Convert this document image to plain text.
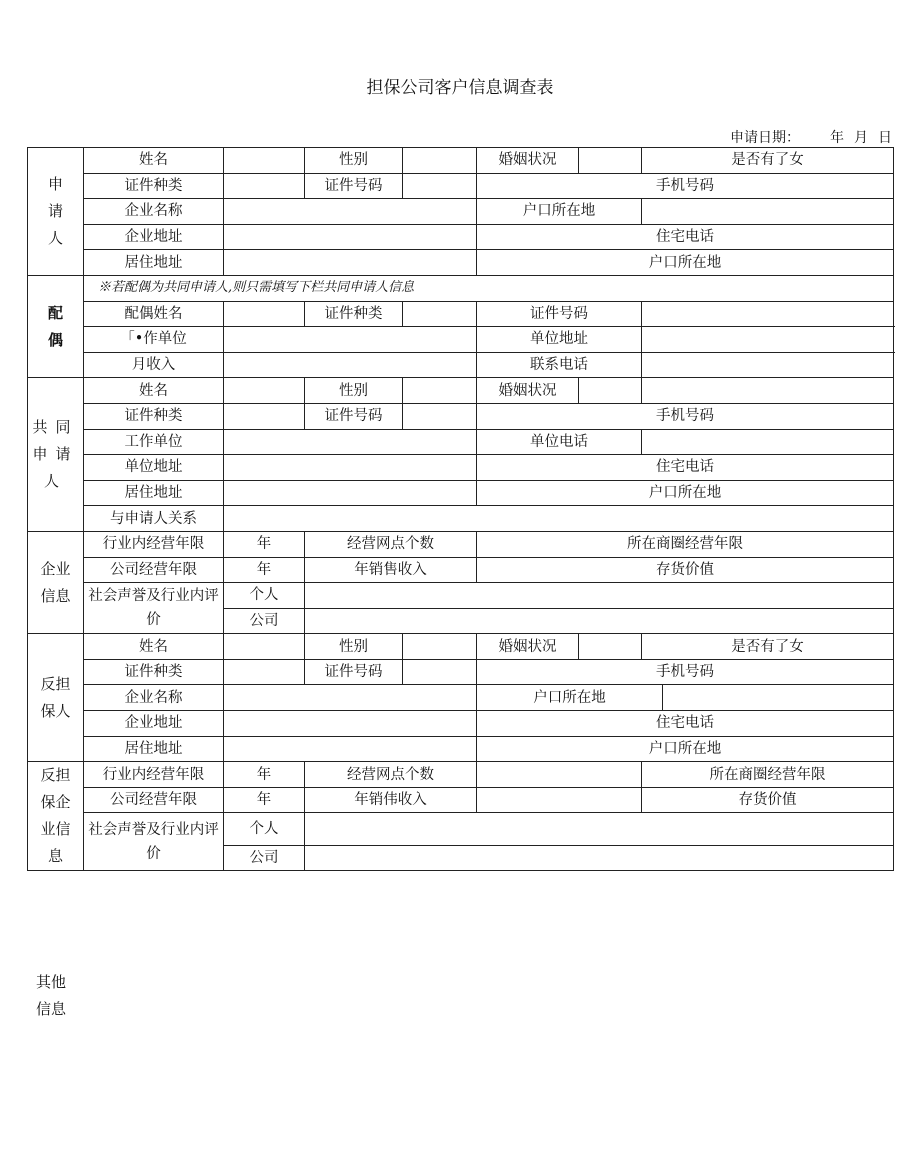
担保公司客户信息调查表
申请日期： 年 月 日
申
请
人	姓名		性别		婚姻状况		是否有了女		
	证件种类		证件号码		手机号码				
	企业名称				户口所在地				
	企业地址				住宅电话				
	居住地址				户口所在地				
配
偶	※若配偶为共同申请人,则只需填写下栏共同申请人信息								
	配偶姓名		证件种类		证件号码				
	「•作单位				单位地址				
	月收入				联系电话				
共同
申请
人	姓名		性别		婚姻状况				
	证件种类		证件号码		手机号码				
	工作单位				单位电话				
	单位地址				住宅电话				
	居住地址				户口所在地				
	与申请人关系								
企业
信息	行业内经营年限	年	经营网点个数		所在商圈经营年限				
	公司经营年限	年	年销售收入		存货价值				
	社会声誉及行业内评价	个人							
		公司							
反担
保人	姓名		性别		婚姻状况		是否有了女		
	证件种类		证件号码		手机号码				
	企业名称				户口所在地				
	企业地址				住宅电话				
	居住地址				户口所在地				
反担
保企
业信
息	行业内经营年限	年	经营网点个数				所在商圈经营年限		
	公司经营年限	年	年销伟收入				存货价值		
	社会声誉及行业内评价	个人							
		公司							
其他
信息
